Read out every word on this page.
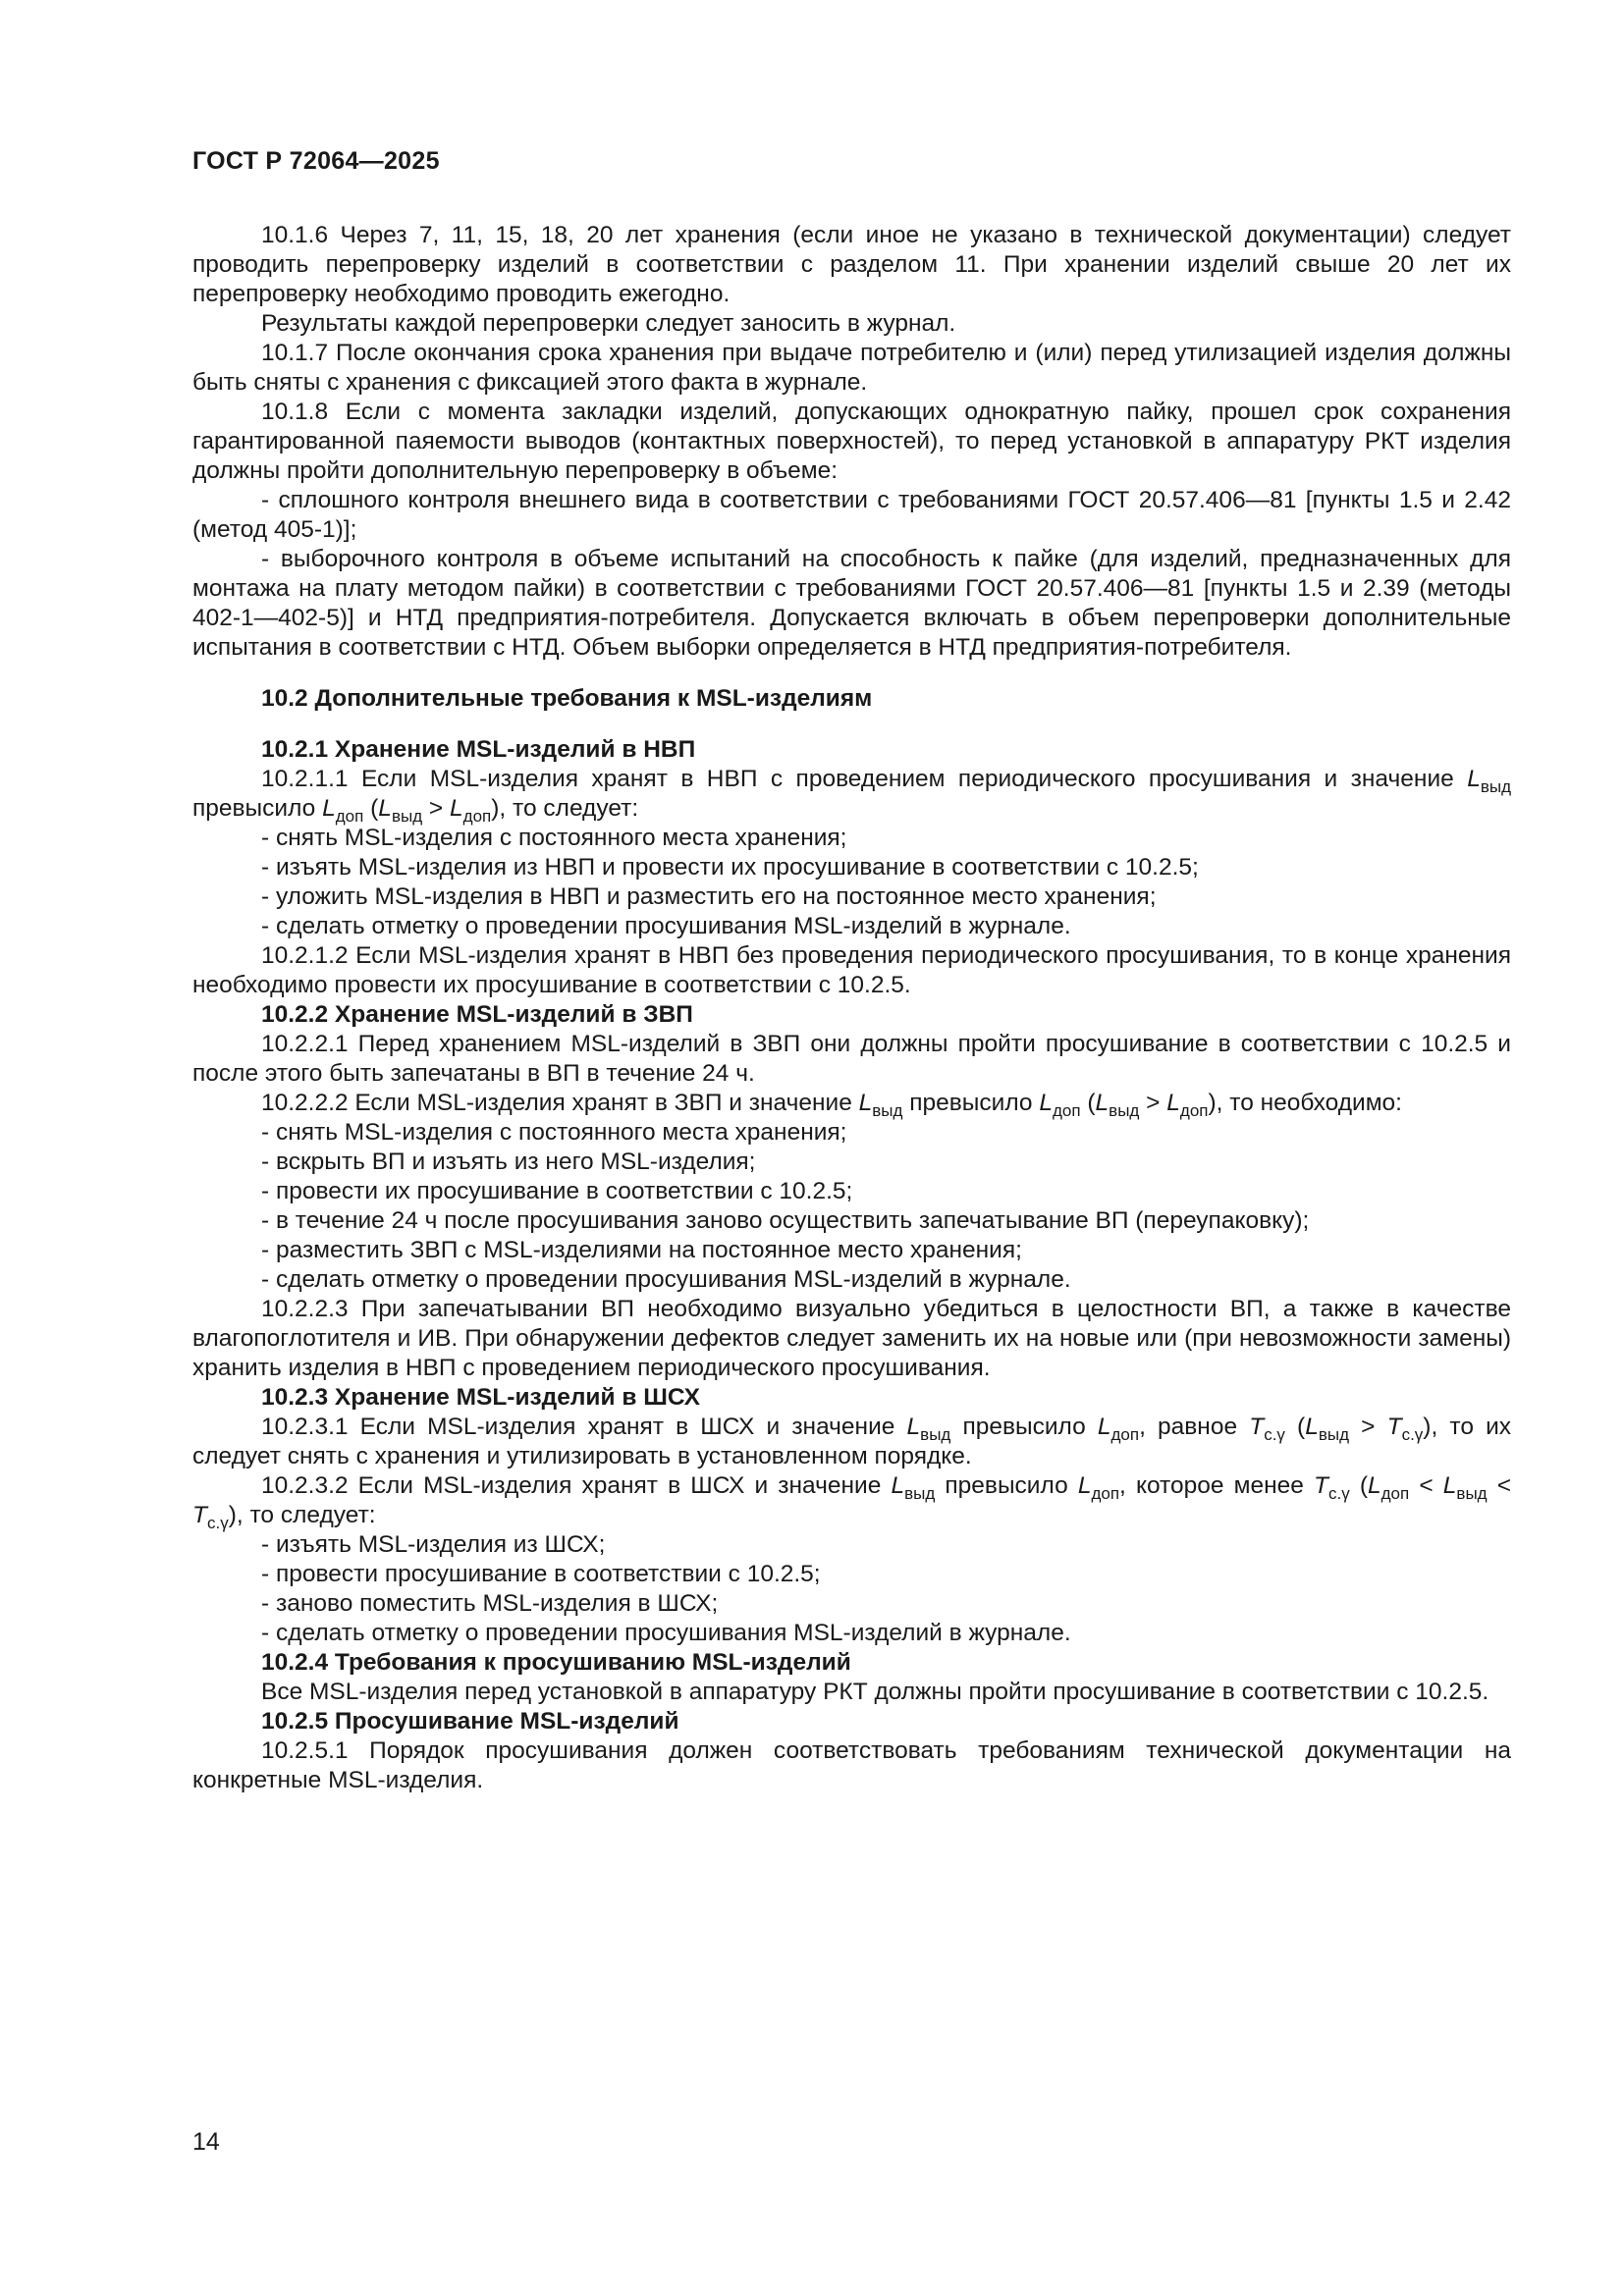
ГОСТ Р 72064—2025

10.1.6 Через 7, 11, 15, 18, 20 лет хранения (если иное не указано в технической документации) следует проводить перепроверку изделий в соответствии с разделом 11. При хранении изделий свыше 20 лет их перепроверку необходимо проводить ежегодно.

Результаты каждой перепроверки следует заносить в журнал.

10.1.7 После окончания срока хранения при выдаче потребителю и (или) перед утилизацией изделия должны быть сняты с хранения с фиксацией этого факта в журнале.

10.1.8 Если с момента закладки изделий, допускающих однократную пайку, прошел срок сохранения гарантированной паяемости выводов (контактных поверхностей), то перед установкой в аппаратуру РКТ изделия должны пройти дополнительную перепроверку в объеме:

- сплошного контроля внешнего вида в соответствии с требованиями ГОСТ 20.57.406—81 [пункты 1.5 и 2.42 (метод 405-1)];

- выборочного контроля в объеме испытаний на способность к пайке (для изделий, предназначенных для монтажа на плату методом пайки) в соответствии с требованиями ГОСТ 20.57.406—81 [пункты 1.5 и 2.39 (методы 402-1—402-5)] и НТД предприятия-потребителя. Допускается включать в объем перепроверки дополнительные испытания в соответствии с НТД. Объем выборки определяется в НТД предприятия-потребителя.

10.2 Дополнительные требования к MSL-изделиям

10.2.1 Хранение MSL-изделий в НВП

10.2.1.1 Если MSL-изделия хранят в НВП с проведением периодического просушивания и значение $L_{выд}$ превысило $L_{доп}$ $(L_{выд} > L_{доп})$, то следует:

- снять MSL-изделия с постоянного места хранения;

- изъять MSL-изделия из НВП и провести их просушивание в соответствии с 10.2.5;

- уложить MSL-изделия в НВП и разместить его на постоянное место хранения;

- сделать отметку о проведении просушивания MSL-изделий в журнале.

10.2.1.2 Если MSL-изделия хранят в НВП без проведения периодического просушивания, то в конце хранения необходимо провести их просушивание в соответствии с 10.2.5.

10.2.2 Хранение MSL-изделий в ЗВП

10.2.2.1 Перед хранением MSL-изделий в ЗВП они должны пройти просушивание в соответствии с 10.2.5 и после этого быть запечатаны в ВП в течение 24 ч.

10.2.2.2 Если MSL-изделия хранят в ЗВП и значение $L_{выд}$ превысило $L_{доп}$ $(L_{выд} > L_{доп})$, то необходимо:

- снять MSL-изделия с постоянного места хранения;

- вскрыть ВП и изъять из него MSL-изделия;

- провести их просушивание в соответствии с 10.2.5;

- в течение 24 ч после просушивания заново осуществить запечатывание ВП (переупаковку);

- разместить ЗВП с MSL-изделиями на постоянное место хранения;

- сделать отметку о проведении просушивания MSL-изделий в журнале.

10.2.2.3 При запечатывании ВП необходимо визуально убедиться в целостности ВП, а также в качестве влагопоглотителя и ИВ. При обнаружении дефектов следует заменить их на новые или (при невозможности замены) хранить изделия в НВП с проведением периодического просушивания.

10.2.3 Хранение MSL-изделий в ШСХ

10.2.3.1 Если MSL-изделия хранят в ШСХ и значение $L_{выд}$ превысило $L_{доп}$, равное $T_{с.\gamma}$ $(L_{выд} > T_{с.\gamma})$, то их следует снять с хранения и утилизировать в установленном порядке.

10.2.3.2 Если MSL-изделия хранят в ШСХ и значение $L_{выд}$ превысило $L_{доп}$, которое менее $T_{с.\gamma}$ $(L_{доп} < L_{выд} < T_{с.\gamma})$, то следует:

- изъять MSL-изделия из ШСХ;

- провести просушивание в соответствии с 10.2.5;

- заново поместить MSL-изделия в ШСХ;

- сделать отметку о проведении просушивания MSL-изделий в журнале.

10.2.4 Требования к просушиванию MSL-изделий

Все MSL-изделия перед установкой в аппаратуру РКТ должны пройти просушивание в соответствии с 10.2.5.

10.2.5 Просушивание MSL-изделий

10.2.5.1 Порядок просушивания должен соответствовать требованиям технической документации на конкретные MSL-изделия.

14
